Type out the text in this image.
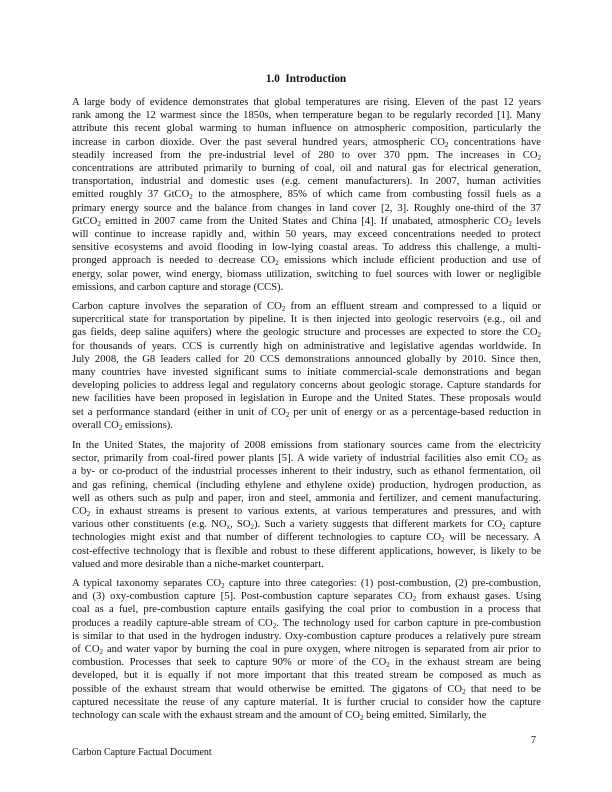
1.0 Introduction
A large body of evidence demonstrates that global temperatures are rising. Eleven of the past 12 years
rank among the 12 warmest since the 1850s, when temperature began to be regularly recorded [1]. Many
attribute this recent global warming to human influence on atmospheric composition, particularly the
increase in carbon dioxide. Over the past several hundred years, atmospheric $CO_2$ concentrations have
steadily increased from the pre-industrial level of 280 to over 370 ppm. The increases in $CO_2$
concentrations are attributed primarily to burning of coal, oil and natural gas for electrical generation,
transportation, industrial and domestic uses (e.g. cement manufacturers). In 2007, human activities
emitted roughly 37 GtCO$_2$ to the atmosphere, 85% of which came from combusting fossil fuels as a
primary energy source and the balance from changes in land cover [2, 3]. Roughly one-third of the 37
GtCO$_2$ emitted in 2007 came from the United States and China [4]. If unabated, atmospheric $CO_2$ levels
will continue to increase rapidly and, within 50 years, may exceed concentrations needed to protect
sensitive ecosystems and avoid flooding in low-lying coastal areas. To address this challenge, a multi-
pronged approach is needed to decrease $CO_2$ emissions which include efficient production and use of
energy, solar power, wind energy, biomass utilization, switching to fuel sources with lower or negligible
emissions, and carbon capture and storage (CCS).
Carbon capture involves the separation of $CO_2$ from an effluent stream and compressed to a liquid or
supercritical state for transportation by pipeline. It is then injected into geologic reservoirs (e.g., oil and
gas fields, deep saline aquifers) where the geologic structure and processes are expected to store the $CO_2$
for thousands of years. CCS is currently high on administrative and legislative agendas worldwide. In
July 2008, the G8 leaders called for 20 CCS demonstrations announced globally by 2010. Since then,
many countries have invested significant sums to initiate commercial-scale demonstrations and began
developing policies to address legal and regulatory concerns about geologic storage. Capture standards for
new facilities have been proposed in legislation in Europe and the United States. These proposals would
set a performance standard (either in unit of $CO_2$ per unit of energy or as a percentage-based reduction in
overall $CO_2$ emissions).
In the United States, the majority of 2008 emissions from stationary sources came from the electricity
sector, primarily from coal-fired power plants [5]. A wide variety of industrial facilities also emit $CO_2$ as
a by- or co-product of the industrial processes inherent to their industry, such as ethanol fermentation, oil
and gas refining, chemical (including ethylene and ethylene oxide) production, hydrogen production, as
well as others such as pulp and paper, iron and steel, ammonia and fertilizer, and cement manufacturing.
$CO_2$ in exhaust streams is present to various extents, at various temperatures and pressures, and with
various other constituents (e.g. $NO_x$, $SO_2$). Such a variety suggests that different markets for $CO_2$ capture
technologies might exist and that number of different technologies to capture $CO_2$ will be necessary. A
cost-effective technology that is flexible and robust to these different applications, however, is likely to be
valued and more desirable than a niche-market counterpart.
A typical taxonomy separates $CO_2$ capture into three categories: (1) post-combustion, (2) pre-combustion,
and (3) oxy-combustion capture [5]. Post-combustion capture separates $CO_2$ from exhaust gases. Using
coal as a fuel, pre-combustion capture entails gasifying the coal prior to combustion in a process that
produces a readily capture-able stream of $CO_2$. The technology used for carbon capture in pre-combustion
is similar to that used in the hydrogen industry. Oxy-combustion capture produces a relatively pure stream
of $CO_2$ and water vapor by burning the coal in pure oxygen, where nitrogen is separated from air prior to
combustion. Processes that seek to capture 90% or more of the $CO_2$ in the exhaust stream are being
developed, but it is equally if not more important that this treated stream be composed as much as
possible of the exhaust stream that would otherwise be emitted. The gigatons of $CO_2$ that need to be
captured necessitate the reuse of any capture material. It is further crucial to consider how the capture
technology can scale with the exhaust stream and the amount of $CO_2$ being emitted. Similarly, the
7
Carbon Capture Factual Document
